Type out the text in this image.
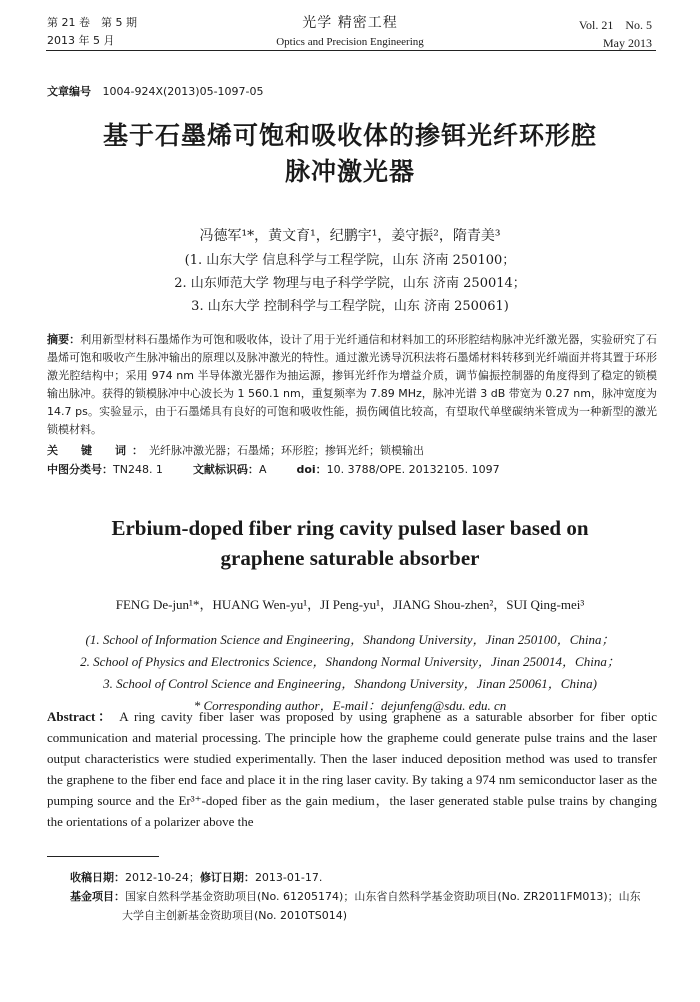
第 21 卷　第 5 期
2013 年 5 月
光学 精密工程
Optics and Precision Engineering
Vol. 21　No. 5
May 2013
文章编号 1004-924X(2013)05-1097-05
基于石墨烯可饱和吸收体的掺铒光纤环形腔
脉冲激光器
冯德军¹*，黄文育¹，纪鹏宇¹，姜守振²，隋青美³
(1. 山东大学 信息科学与工程学院，山东 济南 250100；
2. 山东师范大学 物理与电子科学学院，山东 济南 250014；
3. 山东大学 控制科学与工程学院，山东 济南 250061)
摘要：利用新型材料石墨烯作为可饱和吸收体，设计了用于光纤通信和材料加工的环形腔结构脉冲光纤激光器，实验研究了石墨烯可饱和吸收产生脉冲输出的原理以及脉冲激光的特性。通过激光诱导沉积法将石墨烯材料转移到光纤端面并将其置于环形激光腔结构中；采用 974 nm 半导体激光器作为抽运源，掺铒光纤作为增益介质，调节偏振控制器的角度得到了稳定的锁模输出脉冲。获得的锁模脉冲中心波长为 1 560.1 nm，重复频率为 7.89 MHz，脉冲光谱 3 dB 带宽为 0.27 nm，脉冲宽度为 14.7 ps。实验显示，由于石墨烯具有良好的可饱和吸收性能，损伤阈值比较高，有望取代单壁碳纳米管成为一种新型的激光锁模材料。
关　键　词：光纤脉冲激光器；石墨烯；环形腔；掺铒光纤；锁模输出
中图分类号：TN248. 1	文献标识码：A	doi：10. 3788/OPE. 20132105. 1097
Erbium-doped fiber ring cavity pulsed laser based on
graphene saturable absorber
FENG De-jun¹*，HUANG Wen-yu¹，JI Peng-yu¹，JIANG Shou-zhen²，SUI Qing-mei³
(1. School of Information Science and Engineering，Shandong University，Jinan 250100，China；
2. School of Physics and Electronics Science，Shandong Normal University，Jinan 250014，China；
3. School of Control Science and Engineering，Shandong University，Jinan 250061，China)
* Corresponding author，E-mail：dejunfeng@sdu. edu. cn
Abstract： A ring cavity fiber laser was proposed by using graphene as a saturable absorber for fiber optic communication and material processing. The principle how the grapheme could generate pulse trains and the laser output characteristics were studied experimentally. Then the laser induced deposition method was used to transfer the graphene to the fiber end face and place it in the ring laser cavity. By taking a 974 nm semiconductor laser as the pumping source and the Er³⁺-doped fiber as the gain medium，the laser generated stable pulse trains by changing the orientations of a polarizer above the
收稿日期：2012-10-24；修订日期：2013-01-17.
基金项目：国家自然科学基金资助项目(No. 61205174)；山东省自然科学基金资助项目(No. ZR2011FM013)；山东
大学自主创新基金资助项目(No. 2010TS014)
